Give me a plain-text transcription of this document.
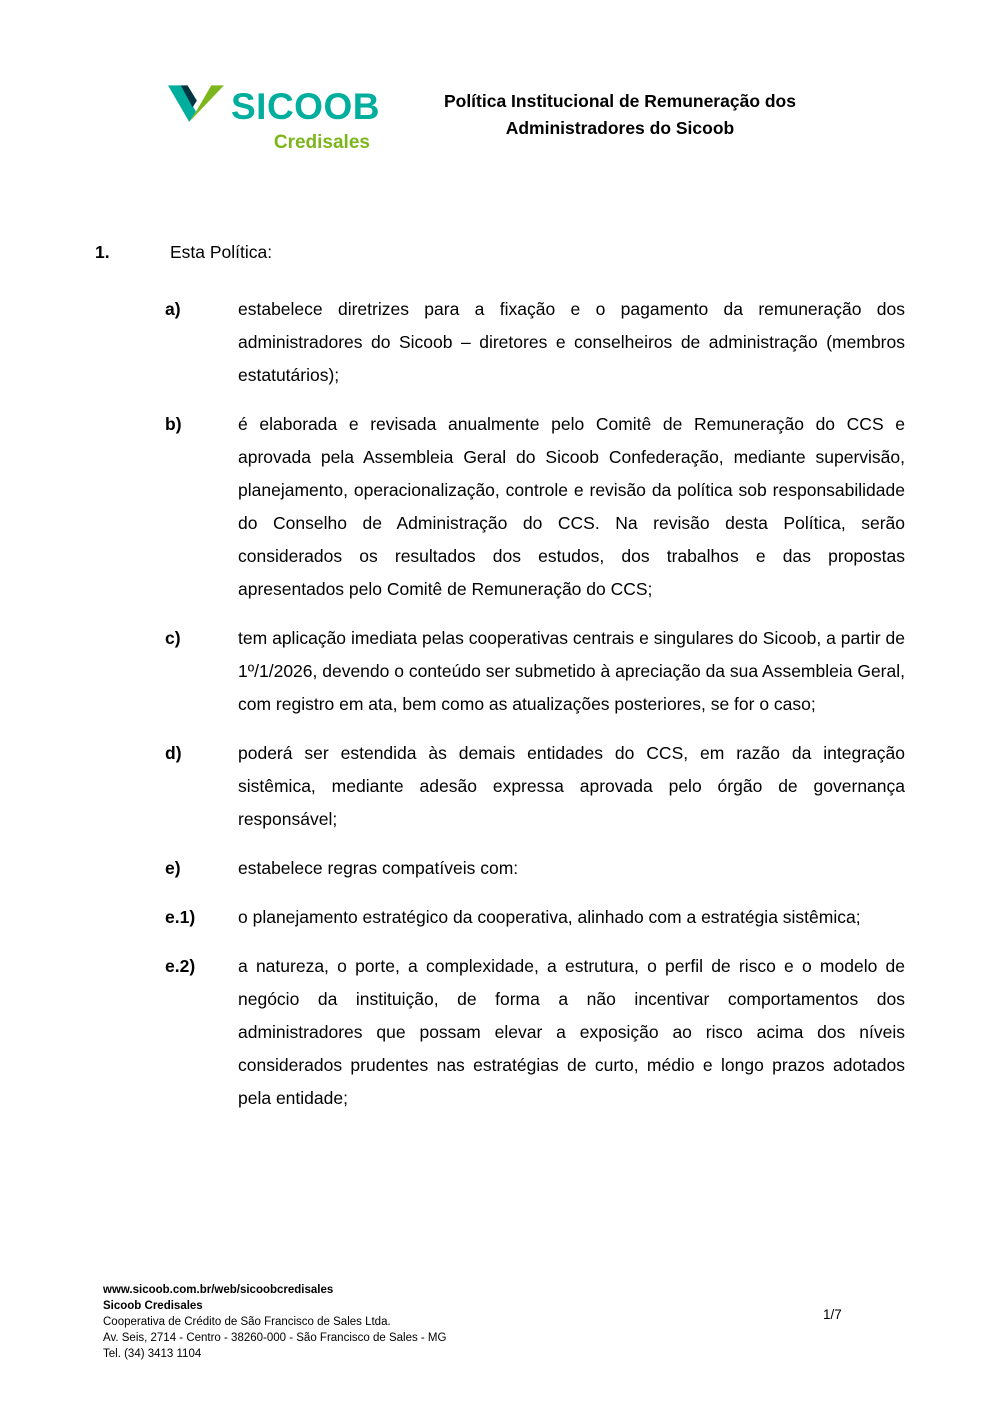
SICOOB
Credisales
Política Institucional de Remuneração dos
Administradores do Sicoob
1.	Esta Política:
a)	estabelece diretrizes para a fixação e o pagamento da remuneração dos administradores do Sicoob – diretores e conselheiros de administração (membros estatutários);
b)	é elaborada e revisada anualmente pelo Comitê de Remuneração do CCS e aprovada pela Assembleia Geral do Sicoob Confederação, mediante supervisão, planejamento, operacionalização, controle e revisão da política sob responsabilidade do Conselho de Administração do CCS. Na revisão desta Política, serão considerados os resultados dos estudos, dos trabalhos e das propostas apresentados pelo Comitê de Remuneração do CCS;
c)	tem aplicação imediata pelas cooperativas centrais e singulares do Sicoob, a partir de 1º/1/2026, devendo o conteúdo ser submetido à apreciação da sua Assembleia Geral, com registro em ata, bem como as atualizações posteriores, se for o caso;
d)	poderá ser estendida às demais entidades do CCS, em razão da integração sistêmica, mediante adesão expressa aprovada pelo órgão de governança responsável;
e)	estabelece regras compatíveis com:
e.1)	o planejamento estratégico da cooperativa, alinhado com a estratégia sistêmica;
e.2)	a natureza, o porte, a complexidade, a estrutura, o perfil de risco e o modelo de negócio da instituição, de forma a não incentivar comportamentos dos administradores que possam elevar a exposição ao risco acima dos níveis considerados prudentes nas estratégias de curto, médio e longo prazos adotados pela entidade;
www.sicoob.com.br/web/sicoobcredisales
Sicoob Credisales
Cooperativa de Crédito de São Francisco de Sales Ltda.
Av. Seis, 2714 - Centro - 38260-000 - São Francisco de Sales - MG
Tel. (34) 3413 1104
1/7
